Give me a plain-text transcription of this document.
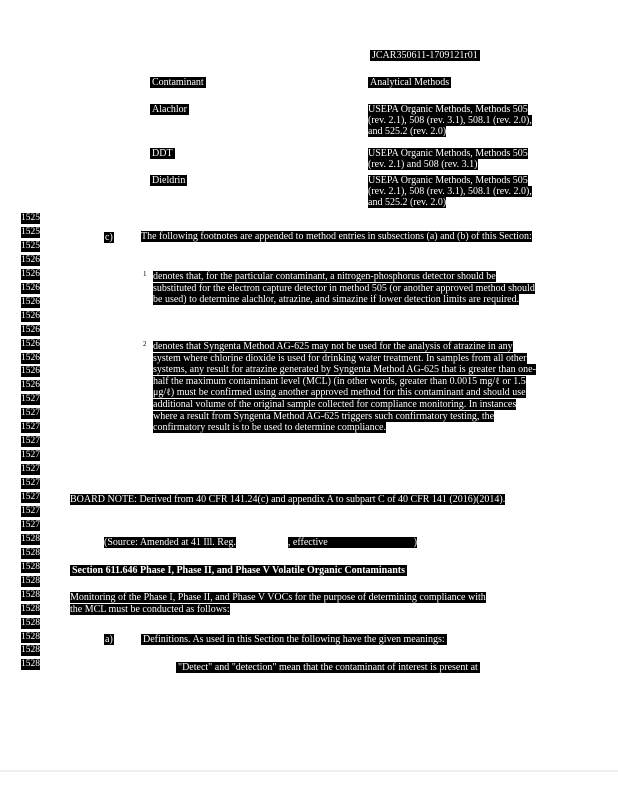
JCAR350611-1709121r01
Contaminant	Analytical Methods
Alachlor	USEPA Organic Methods, Methods 505 (rev. 2.1), 508 (rev. 3.1), 508.1 (rev. 2.0), and 525.2 (rev. 2.0)
DDT	USEPA Organic Methods, Methods 505 (rev. 2.1) and 508 (rev. 3.1)
Dieldrin	USEPA Organic Methods, Methods 505 (rev. 2.1), 508 (rev. 3.1), 508.1 (rev. 2.0), and 525.2 (rev. 2.0)
15257
15258
15259
15260
15261
15262
15263
15264
15265
15266
15267
15268
15269
15270
15271
15272
15273
15274
15275
15276
15277
15278
15279
15280
15281
15282
15283
15284
15285
15286
15287
15288
15289
c)	The following footnotes are appended to method entries in subsections (a) and (b) of this Section:
1 denotes that, for the particular contaminant, a nitrogen-phosphorus detector should be substituted for the electron capture detector in method 505 (or another approved method should be used) to determine alachlor, atrazine, and simazine if lower detection limits are required.
2 denotes that Syngenta Method AG-625 may not be used for the analysis of atrazine in any system where chlorine dioxide is used for drinking water treatment. In samples from all other systems, any result for atrazine generated by Syngenta Method AG-625 that is greater than one-half the maximum contaminant level (MCL) (in other words, greater than 0.0015 mg/ℓ or 1.5 μg/ℓ) must be confirmed using another approved method for this contaminant and should use additional volume of the original sample collected for compliance monitoring. In instances where a result from Syngenta Method AG-625 triggers such confirmatory testing, the confirmatory result is to be used to determine compliance.
BOARD NOTE: Derived from 40 CFR 141.24(c) and appendix A to subpart C of 40 CFR 141 (2016)(2014).
(Source: Amended at 41 Ill. Reg.	, effective	)
Section 611.646 Phase I, Phase II, and Phase V Volatile Organic Contaminants
Monitoring of the Phase I, Phase II, and Phase V VOCs for the purpose of determining compliance with the MCL must be conducted as follows:
a)	Definitions. As used in this Section the following have the given meanings:
"Detect" and "detection" mean that the contaminant of interest is present at
